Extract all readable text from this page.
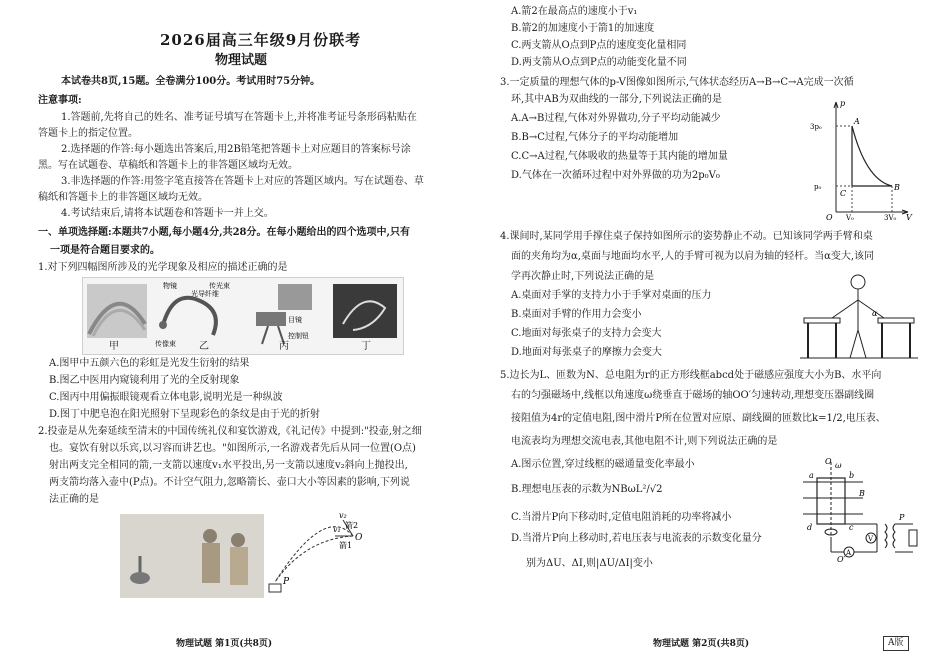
2026届高三年级9月份联考
物理试题
本试卷共8页,15题。全卷满分100分。考试用时75分钟。
注意事项:
1.答题前,先将自己的姓名、准考证号填写在答题卡上,并将准考证号条形码粘贴在
答题卡上的指定位置。
2.选择题的作答:每小题选出答案后,用2B铅笔把答题卡上对应题目的答案标号涂
黑。写在试题卷、草稿纸和答题卡上的非答题区域均无效。
3.非选择题的作答:用签字笔直接答在答题卡上对应的答题区域内。写在试题卷、草
稿纸和答题卡上的非答题区域均无效。
4.考试结束后,请将本试题卷和答题卡一并上交。
一、单项选择题:本题共7小题,每小题4分,共28分。在每小题给出的四个选项中,只有
一项是符合题目要求的。
1.对下列四幅图所涉及的光学现象及相应的描述正确的是
物镜
光导纤维
传光束
传像束
目镜
控制钮
甲	乙	丙	丁
A.图甲中五颜六色的彩虹是光发生衍射的结果
B.图乙中医用内窥镜利用了光的全反射现象
C.图丙中用偏振眼镜观看立体电影,说明光是一种纵波
D.图丁中肥皂泡在阳光照射下呈现彩色的条纹是由于光的折射
2.投壶是从先秦延续至清末的中国传统礼仪和宴饮游戏,《礼记传》中提到:"投壶,射之细
也。宴饮有射以乐宾,以习容而讲艺也。"如图所示,一名游戏者先后从同一位置(O点)
射出两支完全相同的箭,一支箭以速度v₁水平投出,另一支箭以速度v₂斜向上抛投出,
两支箭均落入壶中(P点)。不计空气阻力,忽略箭长、壶口大小等因素的影响,下列说
法正确的是
O
P
v₁
v₂
箭1
箭2
物理试题 第1页(共8页)
A.箭2在最高点的速度小于v₁
B.箭2的加速度小于箭1的加速度
C.两支箭从O点到P点的速度变化量相同
D.两支箭从O点到P点的动能变化量不同
3.一定质量的理想气体的p-V图像如图所示,气体状态经历A→B→C→A完成一次循
环,其中AB为双曲线的一部分,下列说法正确的是
A.A→B过程,气体对外界做功,分子平均动能减少
B.B→C过程,气体分子的平均动能增加
C.C→A过程,气体吸收的热量等于其内能的增加量
D.气体在一次循环过程中对外界做的功为2p₀V₀
p
V
O
3p₀
p₀
V₀	3V₀
A
B
C
4.课间时,某同学用手撑住桌子保持如图所示的姿势静止不动。已知该同学两手臂和桌
面的夹角均为α,桌面与地面均水平,人的手臂可视为以肩为轴的轻杆。当α变大,该同
学再次静止时,下列说法正确的是
A.桌面对手掌的支持力小于手掌对桌面的压力
B.桌面对手臂的作用力会变小
C.地面对每张桌子的支持力会变大
D.地面对每张桌子的摩擦力会变大
α
5.边长为L、匝数为N、总电阻为r的正方形线框abcd处于磁感应强度大小为B、水平向
右的匀强磁场中,线框以角速度ω绕垂直于磁场的轴OO′匀速转动,理想变压器副线圈
接阻值为4r的定值电阻,图中滑片P所在位置对应原、副线圈的匝数比k=1/2,电压表、
电流表均为理想交流电表,其他电阻不计,则下列说法正确的是
A.图示位置,穿过线框的磁通量变化率最小
B.理想电压表的示数为NBωL²/√2
C.当滑片P向下移动时,定值电阻消耗的功率将减小
D.当滑片P向上移动时,若电压表与电流表的示数变化量分
别为ΔU、ΔI,则|ΔU/ΔI|变小
O ω
O′
a	b
c
d
B
V
A
P
物理试题 第2页(共8页)	A版
